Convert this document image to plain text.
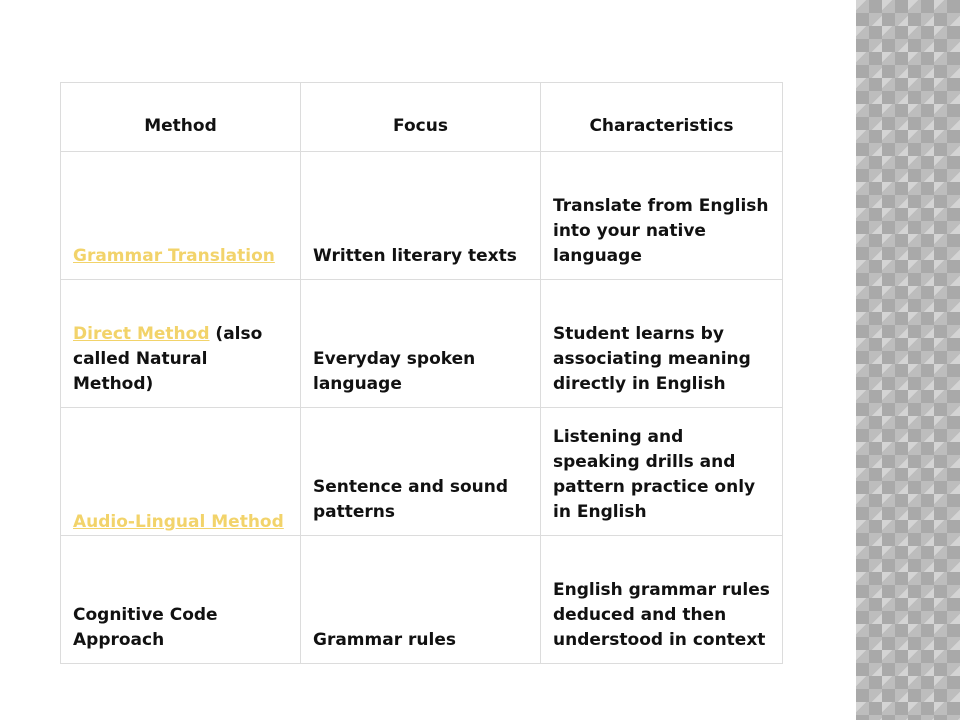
Method	Focus	Characteristics
Grammar Translation	Written literary texts	Translate from English into your native language
Direct Method (also called Natural Method)	Everyday spoken language	Student learns by associating meaning directly in English
Audio-Lingual Method	Sentence and sound patterns	Listening and speaking drills and pattern practice only in English
Cognitive Code Approach	Grammar rules	English grammar rules deduced and then understood in context
